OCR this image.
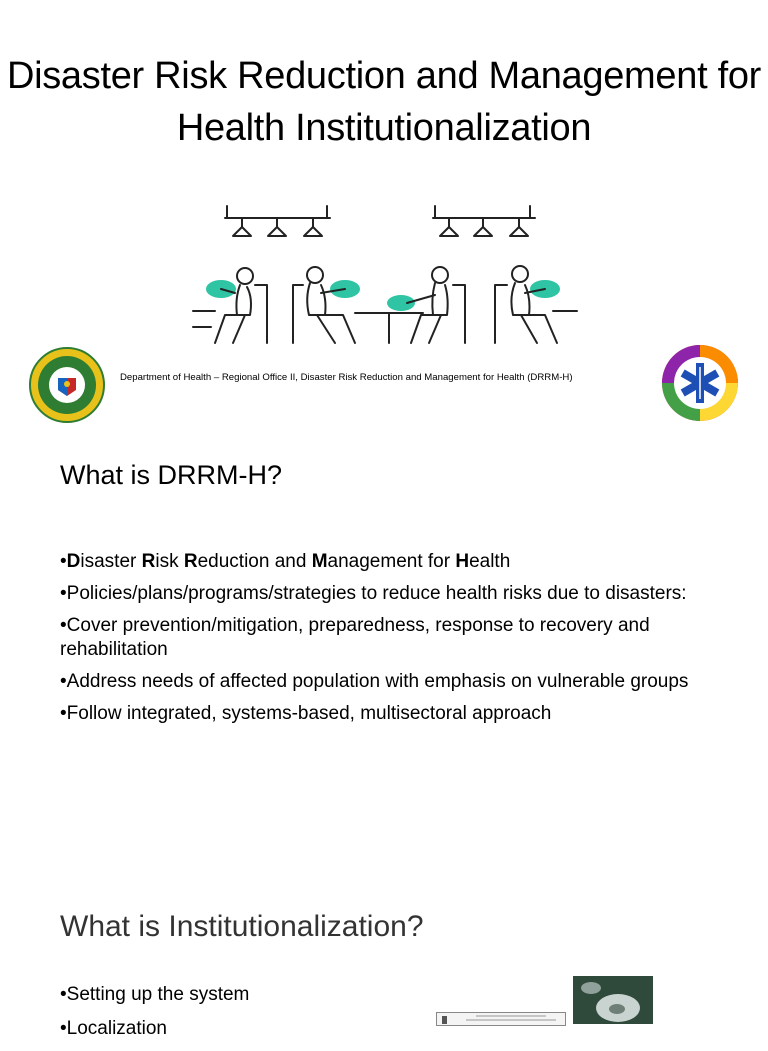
Disaster Risk Reduction and Management for Health Institutionalization
Department of Health – Regional Office II, Disaster Risk Reduction and Management for Health (DRRM-H)
What is DRRM-H?
•Disaster Risk Reduction and Management for Health
•Policies/plans/programs/strategies to reduce health risks due to disasters:
•Cover prevention/mitigation, preparedness, response to recovery and rehabilitation
•Address needs of affected population with emphasis on vulnerable groups
•Follow integrated, systems-based, multisectoral approach
What is Institutionalization?
•Setting up the system
•Localization
